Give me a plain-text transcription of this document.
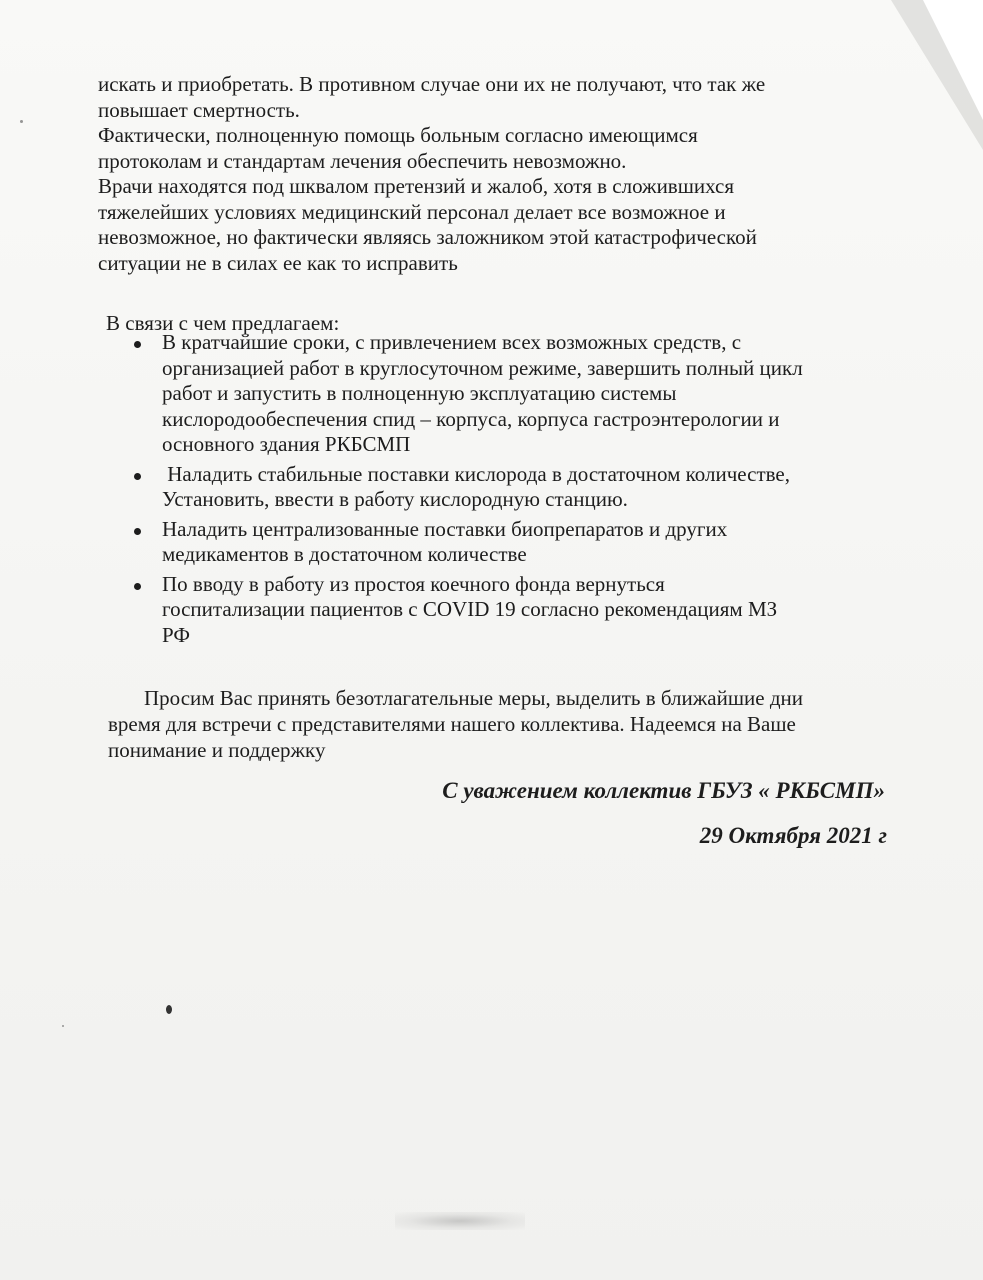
искать и приобретать. В противном случае они их не получают, что так же
повышает смертность.
Фактически, полноценную помощь больным согласно имеющимся
протоколам и стандартам лечения обеспечить невозможно.
Врачи находятся под шквалом претензий и жалоб, хотя в сложившихся
тяжелейших условиях медицинский персонал делает все возможное и
невозможное, но фактически являясь заложником этой катастрофической
ситуации не в силах ее как то исправить
В связи с чем предлагаем:
В кратчайшие сроки, с привлечением всех возможных средств, с
организацией работ в круглосуточном режиме, завершить полный цикл
работ и запустить в полноценную эксплуатацию системы
кислородообеспечения спид – корпуса, корпуса гастроэнтерологии и
основного здания РКБСМП
Наладить стабильные поставки кислорода в достаточном количестве,
Установить, ввести в работу кислородную станцию.
Наладить централизованные поставки биопрепаратов и других
медикаментов в достаточном количестве
По вводу в работу из простоя коечного фонда вернуться
госпитализации пациентов с COVID 19 согласно рекомендациям МЗ
РФ
Просим Вас принять безотлагательные меры, выделить в ближайшие дни
время для встречи с представителями нашего коллектива. Надеемся на Ваше
понимание и поддержку
С уважением коллектив ГБУЗ « РКБСМП»
29 Октября 2021 г
